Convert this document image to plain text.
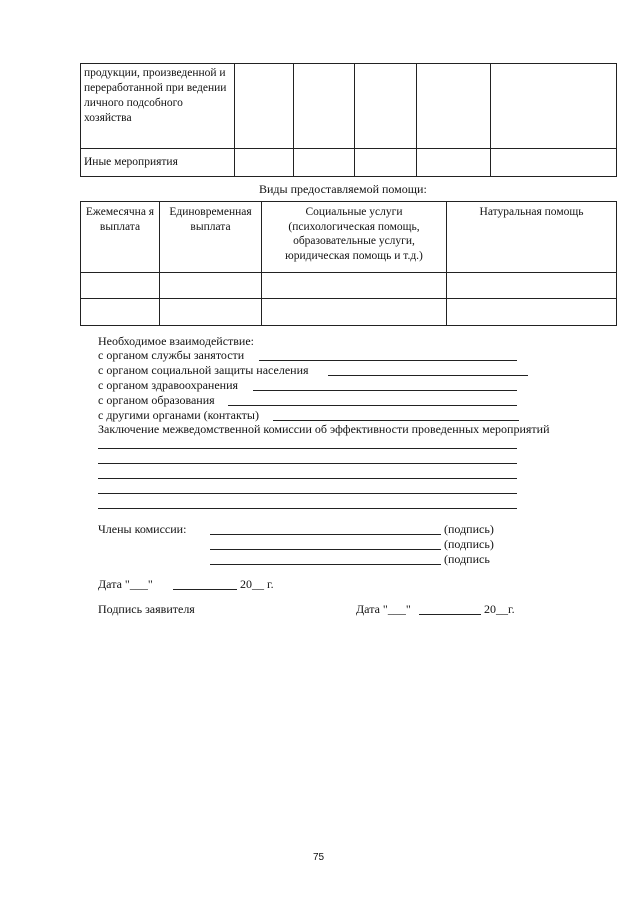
продукции, произведенной и переработанной при ведении личного подсобного хозяйства					
Иные мероприятия					
Виды предоставляемой помощи:
Ежемесячна я выплата	Единовременная выплата	Социальные услуги (психологическая помощь, образовательные услуги, юридическая помощь и т.д.)	Натуральная помощь

Необходимое взаимодействие:
с органом службы занятости
с органом социальной защиты населения
с органом здравоохранения
с органом образования
с другими органами (контакты)
Заключение межведомственной комиссии об эффективности проведенных мероприятий
Члены комиссии:	(подпись)
(подпись)
(подпись
Дата "___"	20__ г.
Подпись заявителя	Дата "___"	20__г.
75
